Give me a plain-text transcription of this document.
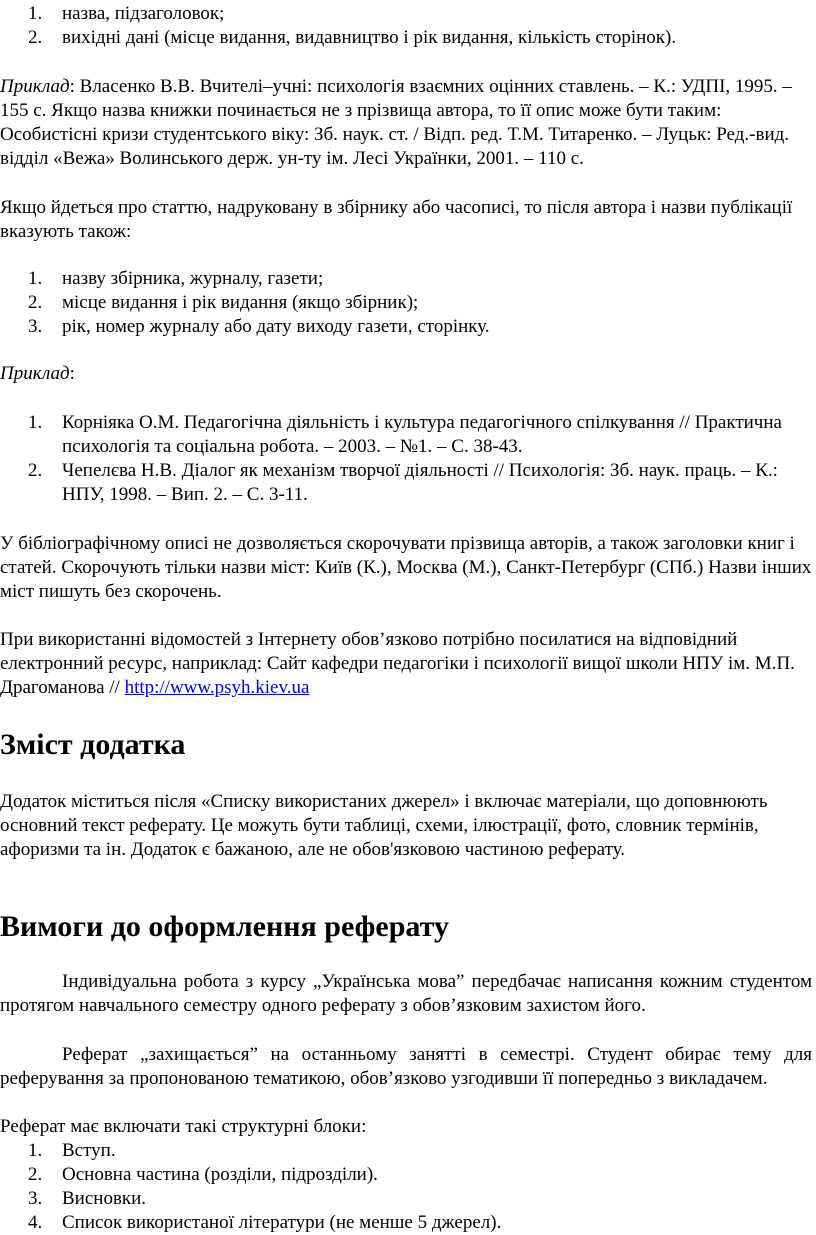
1. назва, підзаголовок;
2. вихідні дані (місце видання, видавництво і рік видання, кількість сторінок).

Приклад: Власенко В.В. Вчителі–учні: психологія взаємних оцінних ставлень. – К.: УДПІ, 1995. – 155 с. Якщо назва книжки починається не з прізвища автора, то її опис може бути таким: Особистісні кризи студентського віку: Зб. наук. ст. / Відп. ред. Т.М. Титаренко. – Луцьк: Ред.-вид. відділ «Вежа» Волинського держ. ун-ту ім. Лесі Українки, 2001. – 110 с.

Якщо йдеться про статтю, надруковану в збірнику або часописі, то після автора і назви публікації вказують також:

1. назву збірника, журналу, газети;
2. місце видання і рік видання (якщо збірник);
3. рік, номер журналу або дату виходу газети, сторінку.

Приклад:

1. Корніяка О.М. Педагогічна діяльність і культура педагогічного спілкування // Практична психологія та соціальна робота. – 2003. – №1. – С. 38-43.
2. Чепелєва Н.В. Діалог як механізм творчої діяльності // Психологія: Зб. наук. праць. – К.: НПУ, 1998. – Вип. 2. – С. 3-11.

У бібліографічному описі не дозволяється скорочувати прізвища авторів, а також заголовки книг і статей. Скорочують тільки назви міст: Київ (К.), Москва (М.), Санкт-Петербург (СПб.) Назви інших міст пишуть без скорочень.

При використанні відомостей з Інтернету обов’язково потрібно посилатися на відповідний електронний ресурс, наприклад: Сайт кафедри педагогіки і психології вищої школи НПУ ім. М.П. Драгоманова // http://www.psyh.kiev.ua

Зміст додатка

Додаток міститься після «Списку використаних джерел» і включає матеріали, що доповнюють основний текст реферату. Це можуть бути таблиці, схеми, ілюстрації, фото, словник термінів, афоризми та ін. Додаток є бажаною, але не обов'язковою частиною реферату.

Вимоги до оформлення реферату

Індивідуальна робота з курсу „Українська мова” передбачає написання кожним студентом протягом навчального семестру одного реферату з обов’язковим захистом його.

Реферат „захищається” на останньому занятті в семестрі. Студент обирає тему для реферування за пропонованою тематикою, обов’язково узгодивши її попередньо з викладачем.

Реферат має включати такі структурні блоки:

1. Вступ.
2. Основна частина (розділи, підрозділи).
3. Висновки.
4. Список використаної літератури (не менше 5 джерел).
